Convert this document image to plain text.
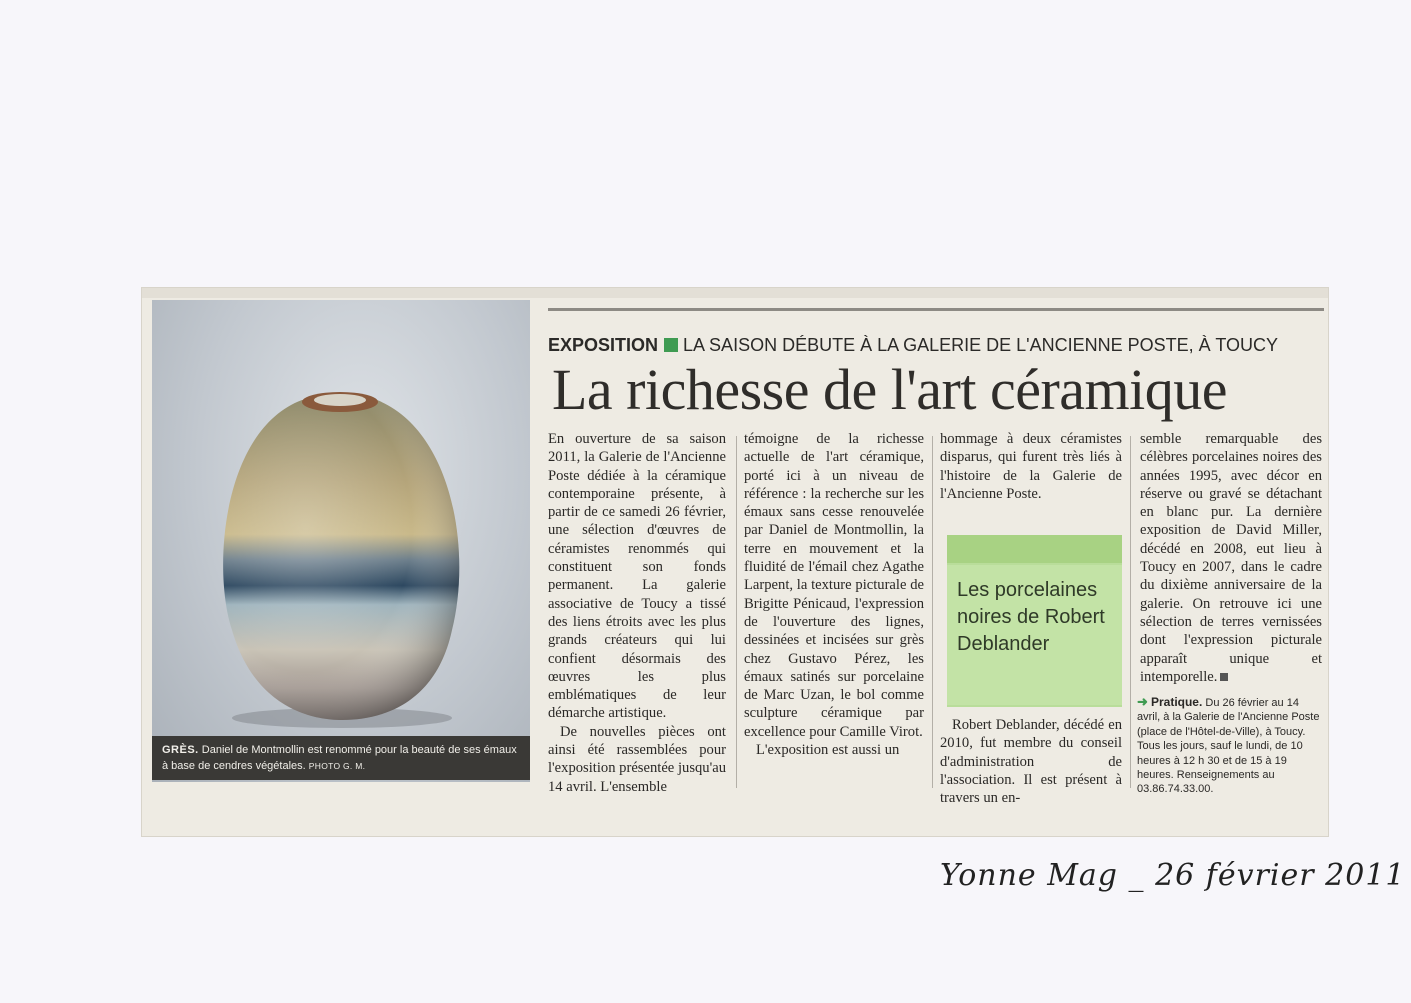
GRÈS. Daniel de Montmollin est renommé pour la beauté de ses émaux à base de cendres végétales. PHOTO G. M.
EXPOSITION LA SAISON DÉBUTE À LA GALERIE DE L'ANCIENNE POSTE, À TOUCY
La richesse de l'art céramique

En ouverture de sa saison 2011, la Galerie de l'Ancienne Poste dédiée à la céramique contemporaine présente, à partir de ce samedi 26 février, une sélection d'œuvres de céramistes renommés qui constituent son fonds permanent. La galerie associative de Toucy a tissé des liens étroits avec les plus grands créateurs qui lui confient désormais des œuvres les plus emblématiques de leur démarche artistique.

De nouvelles pièces ont ainsi été rassemblées pour l'exposition présentée jusqu'au 14 avril. L'ensemble

témoigne de la richesse actuelle de l'art céramique, porté ici à un niveau de référence : la recherche sur les émaux sans cesse renouvelée par Daniel de Montmollin, la terre en mouvement et la fluidité de l'émail chez Agathe Larpent, la texture picturale de Brigitte Pénicaud, l'expression de l'ouverture des lignes, dessinées et incisées sur grès chez Gustavo Pérez, les émaux satinés sur porcelaine de Marc Uzan, le bol comme sculpture céramique par excellence pour Camille Virot.

L'exposition est aussi un

hommage à deux céramistes disparus, qui furent très liés à l'histoire de la Galerie de l'Ancienne Poste.

Les porcelaines noires de Robert Deblander

Robert Deblander, décédé en 2010, fut membre du conseil d'administration de l'association. Il est présent à travers un en-

semble remarquable des célèbres porcelaines noires des années 1995, avec décor en réserve ou gravé se détachant en blanc pur. La dernière exposition de David Miller, décédé en 2008, eut lieu à Toucy en 2007, dans le cadre du dixième anniversaire de la galerie. On retrouve ici une sélection de terres vernissées dont l'expression picturale apparaît unique et intemporelle.

➜ Pratique. Du 26 février au 14 avril, à la Galerie de l'Ancienne Poste (place de l'Hôtel-de-Ville), à Toucy. Tous les jours, sauf le lundi, de 10 heures à 12 h 30 et de 15 à 19 heures. Renseignements au 03.86.74.33.00.
Yonne Mag _ 26 février 2011
